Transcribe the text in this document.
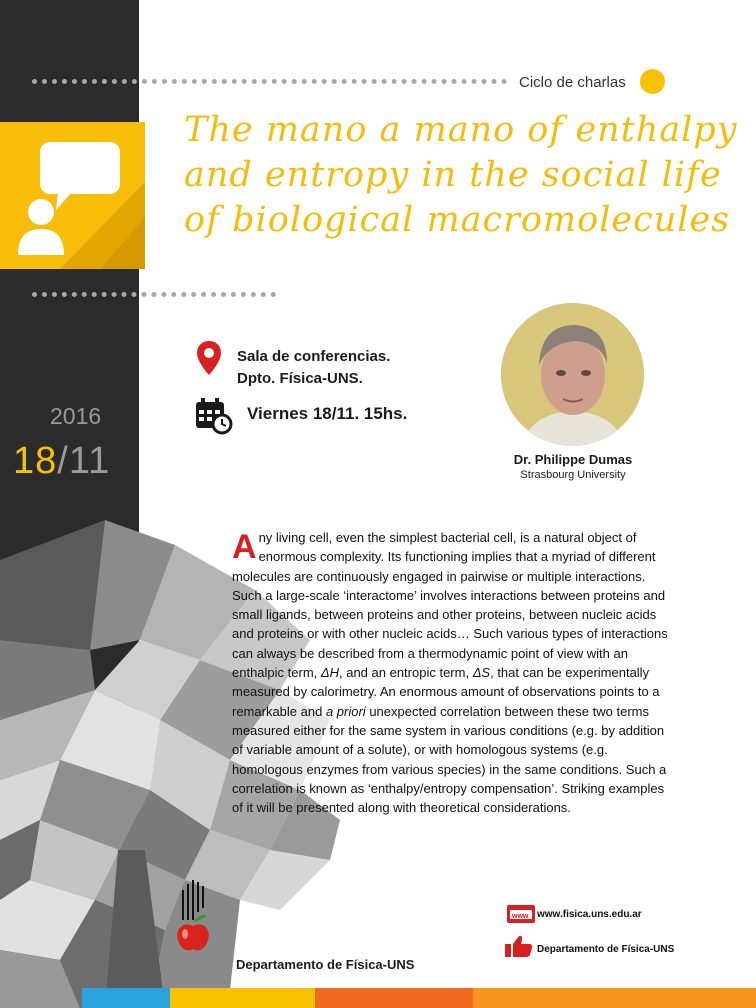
Ciclo de charlas
The mano a mano of enthalpy and entropy in the social life of biological macromolecules
Sala de conferencias.
Dpto. Física-UNS.
Viernes 18/11. 15hs.
2016
18/11	Dr. Philippe Dumas
Strasbourg University

Any living cell, even the simplest bacterial cell, is a natural object of enormous complexity. Its functioning implies that a myriad of different molecules are continuously engaged in pairwise or multiple interactions. Such a large-scale ‘interactome’ involves interactions between proteins and small ligands, between proteins and other proteins, between nucleic acids and proteins or with other nucleic acids… Such various types of interactions can always be described from a thermodynamic point of view with an enthalpic term, ΔH, and an entropic term, ΔS, that can be experimentally measured by calorimetry. An enormous amount of observations points to a remarkable and a priori unexpected correlation between these two terms measured either for the same system in various conditions (e.g. by addition of variable amount of a solute), or with homologous systems (e.g. homologous enzymes from various species) in the same conditions. Such a correlation is known as ‘enthalpy/entropy compensation’. Striking examples of it will be presented along with theoretical considerations.

www www.fisica.uns.edu.ar
Departamento de Física-UNS
Departamento de Física-UNS
